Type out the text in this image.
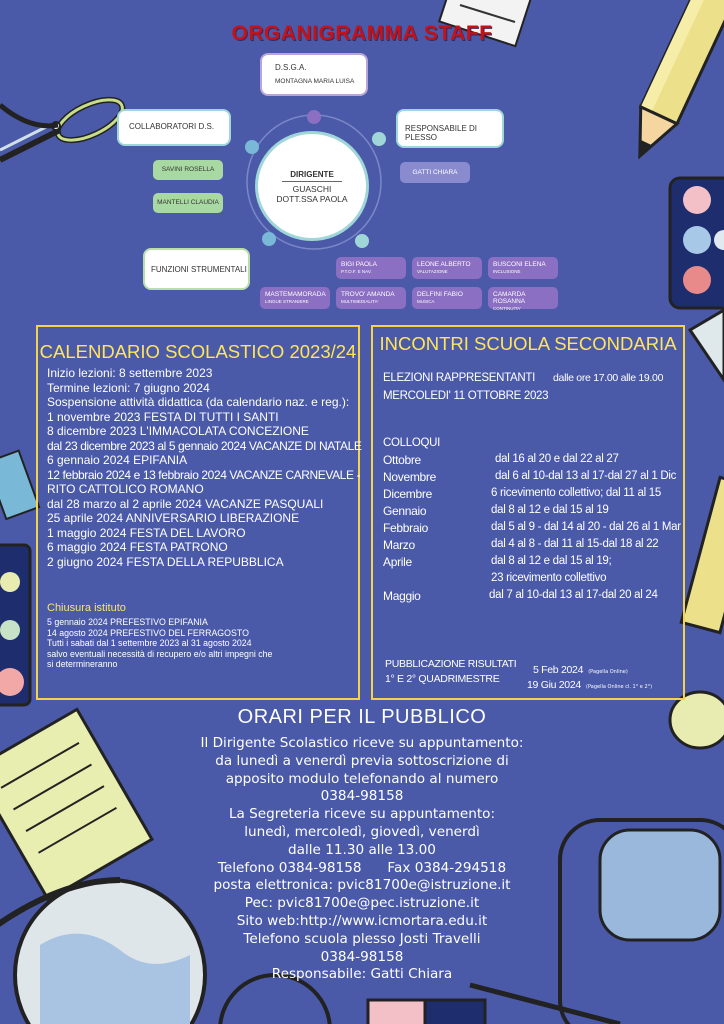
ORGANIGRAMMA STAFF
DIRIGENTE
GUASCHI
DOTT.SSA PAOLA
D.S.G.A.
MONTAGNA MARIA LUISA
COLLABORATORI D.S.
SAVINI ROSELLA
MANTELLI CLAUDIA
RESPONSABILE DI PLESSO
GATTI CHIARA
FUNZIONI STRUMENTALI
BIGI PAOLA
P.T.O.F. E NAV.
LEONE ALBERTO
VALUTAZIONE
BUSCONI ELENA
INCLUSIONE
MASTEMAMORADA
LINGUE STRANIERE
TROVO' AMANDA
MULTIMEDIALITA'
DELFINI FABIO
MUSICA
CAMARDA ROSANNA
CONTINUITA'
CALENDARIO SCOLASTICO 2023/24
Inizio lezioni: 8 settembre 2023
Termine lezioni: 7 giugno 2024
Sospensione attività didattica (da calendario naz. e reg.):
1 novembre 2023 FESTA DI TUTTI I SANTI
8 dicembre 2023 L'IMMACOLATA CONCEZIONE
dal 23 dicembre 2023 al 5 gennaio 2024 VACANZE DI NATALE
6 gennaio 2024 EPIFANIA
12 febbraio 2024 e 13 febbraio 2024 VACANZE CARNEVALE -
RITO CATTOLICO ROMANO
dal 28 marzo al 2 aprile 2024 VACANZE PASQUALI
25 aprile 2024 ANNIVERSARIO LIBERAZIONE
1 maggio 2024 FESTA DEL LAVORO
6 maggio 2024 FESTA PATRONO
2 giugno 2024 FESTA DELLA REPUBBLICA
Chiusura istituto
5 gennaio 2024 PREFESTIVO EPIFANIA
14 agosto 2024 PREFESTIVO DEL FERRAGOSTO
Tutti i sabati dal 1 settembre 2023 al 31 agosto 2024
salvo eventuali necessità di recupero e/o altri impegni che
si determineranno
INCONTRI SCUOLA SECONDARIA
ELEZIONI RAPPRESENTANTI dalle ore 17.00 alle 19.00
MERCOLEDI' 11 OTTOBRE 2023
COLLOQUI
Ottobre	dal 16 al 20 e dal 22 al 27
Novembre	dal 6 al 10-dal 13 al 17-dal 27 al 1 Dic
Dicembre	6 ricevimento collettivo; dal 11 al 15
Gennaio	dal 8 al 12 e dal 15 al 19
Febbraio	dal 5 al 9 - dal 14 al 20 - dal 26 al 1 Mar
Marzo	dal 4 al 8 - dal 11 al 15-dal 18 al 22
Aprile	dal 8 al 12 e dal 15 al 19;
23 ricevimento collettivo
Maggio	dal 7 al 10-dal 13 al 17-dal 20 al 24
PUBBLICAZIONE RISULTATI 5 Feb 2024 (Pagella Online)
1° E 2° QUADRIMESTRE	19 Giu 2024 (Pagella Online cl. 1° e 2°)
ORARI PER IL PUBBLICO
Il Dirigente Scolastico riceve su appuntamento:
da lunedì a venerdì previa sottoscrizione di
apposito modulo telefonando al numero
0384-98158
La Segreteria riceve su appuntamento:
lunedì, mercoledì, giovedì, venerdì
dalle 11.30 alle 13.00
Telefono 0384-98158      Fax 0384-294518
posta elettronica: pvic81700e@istruzione.it
Pec: pvic81700e@pec.istruzione.it
Sito web:http://www.icmortara.edu.it
Telefono scuola plesso Josti Travelli
0384-98158
Responsabile: Gatti Chiara
